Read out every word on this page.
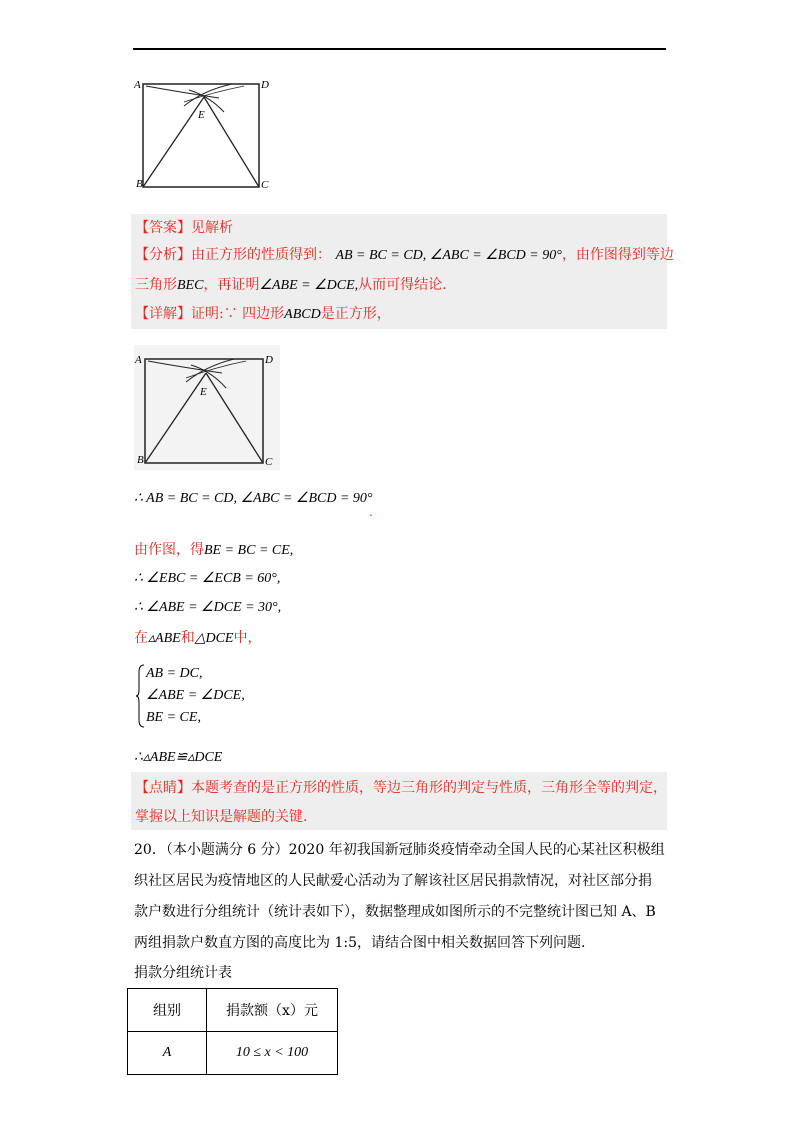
A	D
E
B	C
【答案】见解析
【分析】由正方形的性质得到： AB = BC = CD, ∠ABC = ∠BCD = 90°，由作图得到等边
三角形BEC，再证明∠ABE = ∠DCE,从而可得结论.
【详解】证明:∵ 四边形ABCD是正方形，
A	D
E
B	C
∴ AB = BC = CD, ∠ABC = ∠BCD = 90°
.
由作图，得BE = BC = CE,
∴ ∠EBC = ∠ECB = 60°,
∴ ∠ABE = ∠DCE = 30°,
在▵ABE和△DCE中，
AB = DC,
∠ABE = ∠DCE,
BE = CE,
∴▵ABE≌▵DCE
【点睛】本题考查的是正方形的性质，等边三角形的判定与性质，三角形全等的判定，
掌握以上知识是解题的关键.
20．（本小题满分 6 分）2020 年初我国新冠肺炎疫情牵动全国人民的心某社区积极组
织社区居民为疫情地区的人民献爱心活动为了解该社区居民捐款情况，对社区部分捐
款户数进行分组统计（统计表如下），数据整理成如图所示的不完整统计图已知 A、B
两组捐款户数直方图的高度比为 1:5，请结合图中相关数据回答下列问题.
捐款分组统计表
组别	捐款额（x）元
A	10 ≤ x < 100
